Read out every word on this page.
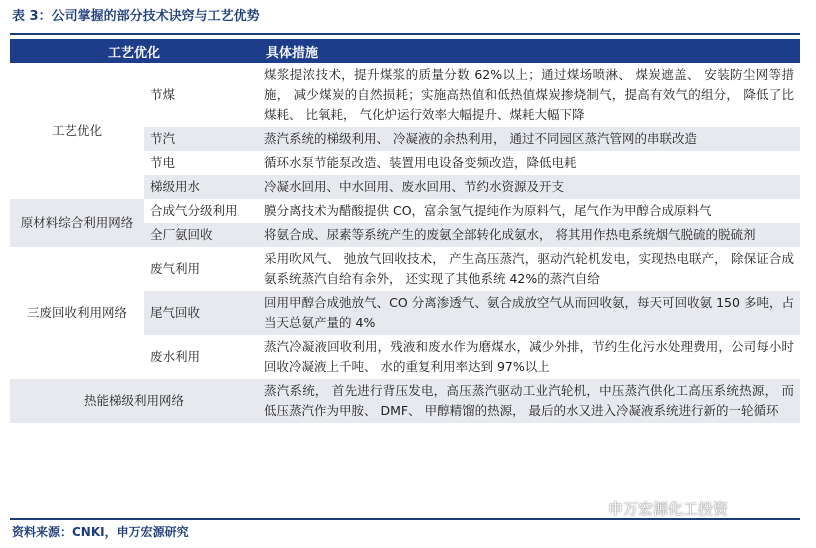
表 3：公司掌握的部分技术诀窍与工艺优势
工艺优化		具体措施
工艺优化	节煤	煤浆提浓技术，提升煤浆的质量分数 62%以上；通过煤场喷淋、 煤炭遮盖、 安装防尘网等措施， 减少煤炭的自然损耗；实施高热值和低热值煤炭掺烧制气，提高有效气的组分， 降低了比煤耗、 比氧耗， 气化炉运行效率大幅提升、煤耗大幅下降
	节汽	蒸汽系统的梯级利用、 冷凝液的余热利用， 通过不同园区蒸汽管网的串联改造
	节电	循环水泵节能泵改造、装置用电设备变频改造，降低电耗
	梯级用水	冷凝水回用、中水回用、废水回用、节约水资源及开支
原材料综合利用网络	合成气分级利用	膜分离技术为醋酸提供 CO，富余氢气提纯作为原料气，尾气作为甲醇合成原料气
	全厂氨回收	将氨合成、尿素等系统产生的废氨全部转化成氨水， 将其用作热电系统烟气脱硫的脱硫剂
三废回收利用网络	废气利用	采用吹风气、 弛放气回收技术， 产生高压蒸汽，驱动汽轮机发电，实现热电联产， 除保证合成氨系统蒸汽自给有余外， 还实现了其他系统 42%的蒸汽自给
	尾气回收	回用甲醇合成弛放气、CO 分离渗透气、氨合成放空气从而回收氨，每天可回收氨 150 多吨，占当天总氨产量的 4%
	废水利用	蒸汽冷凝液回收利用，残液和废水作为磨煤水，减少外排，节约生化污水处理费用，公司每小时回收冷凝液上千吨、 水的重复利用率达到 97%以上
热能梯级利用网络		蒸汽系统， 首先进行背压发电，高压蒸汽驱动工业汽轮机，中压蒸汽供化工高压系统热源， 而低压蒸汽作为甲胺、 DMF、 甲醇精馏的热源， 最后的水又进入冷凝液系统进行新的一轮循环
申万宏源化工投资
资料来源：CNKI，申万宏源研究
